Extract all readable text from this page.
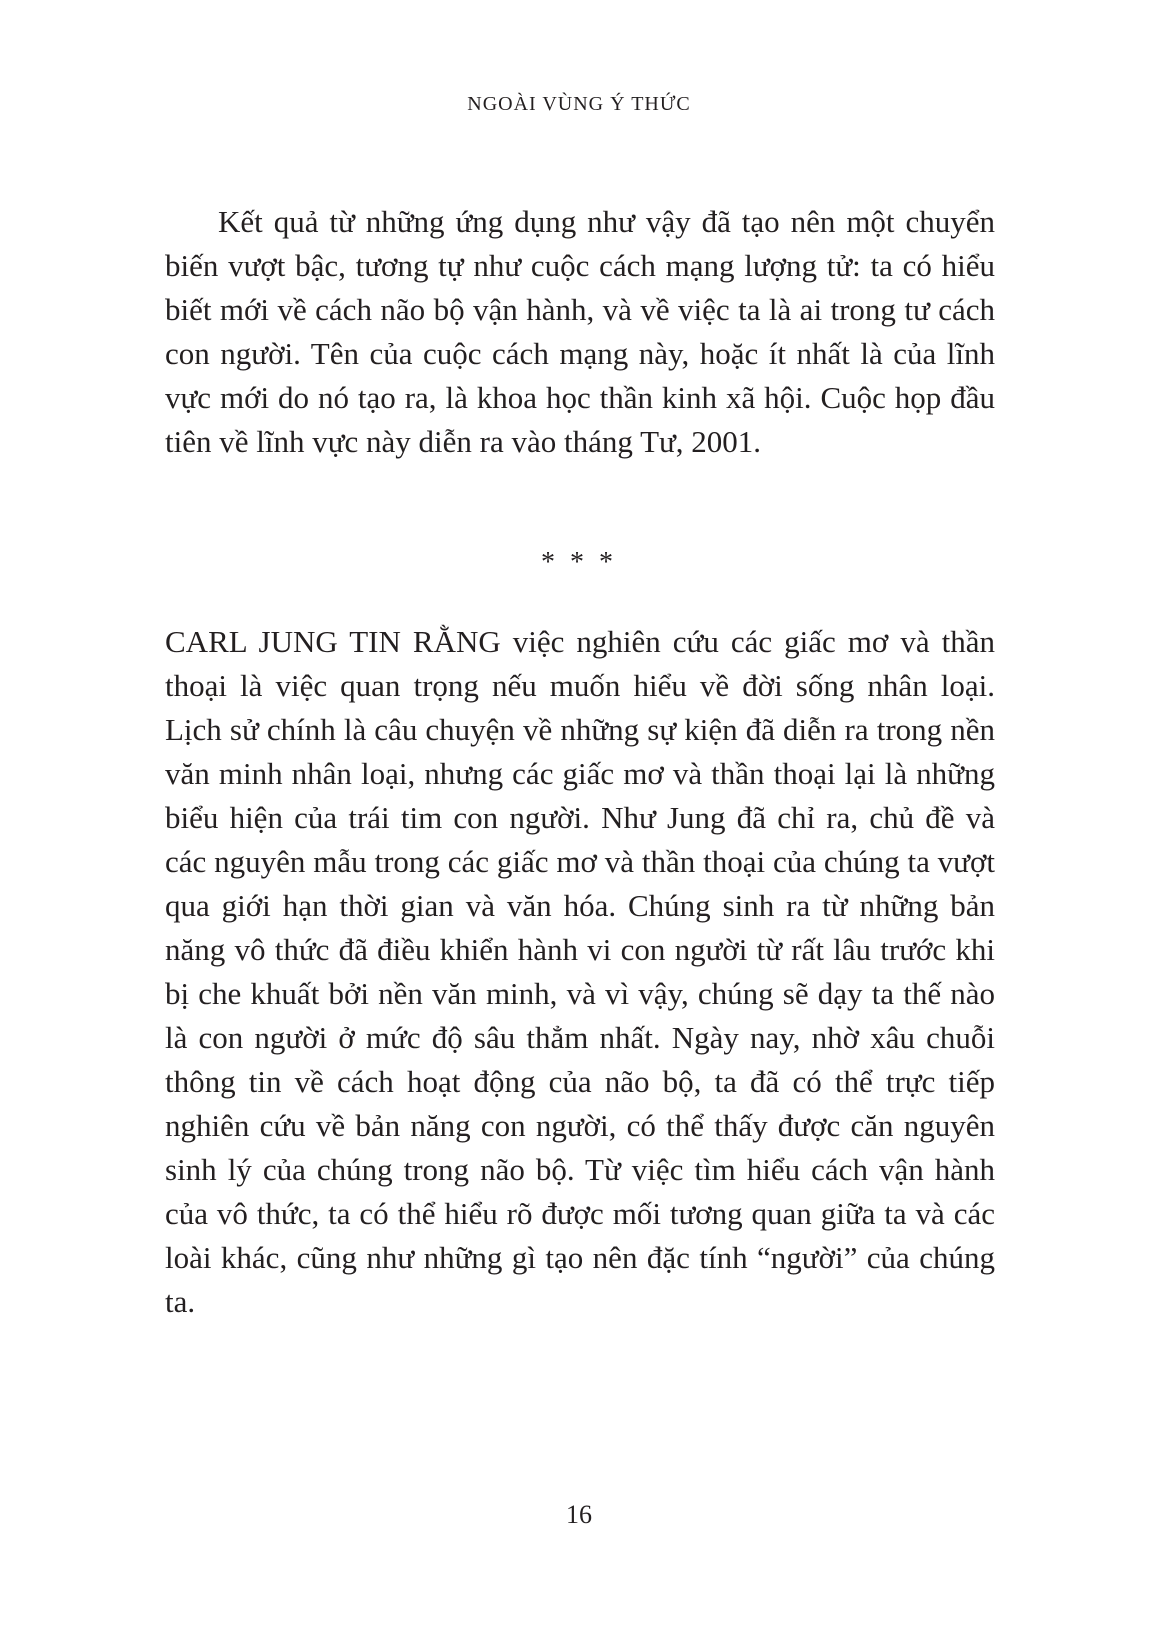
NGOÀI VÙNG Ý THỨC

Kết quả từ những ứng dụng như vậy đã tạo nên một chuyển biến vượt bậc, tương tự như cuộc cách mạng lượng tử: ta có hiểu biết mới về cách não bộ vận hành, và về việc ta là ai trong tư cách con người. Tên của cuộc cách mạng này, hoặc ít nhất là của lĩnh vực mới do nó tạo ra, là khoa học thần kinh xã hội. Cuộc họp đầu tiên về lĩnh vực này diễn ra vào tháng Tư, 2001.

* * *

CARL JUNG TIN RẰNG việc nghiên cứu các giấc mơ và thần thoại là việc quan trọng nếu muốn hiểu về đời sống nhân loại. Lịch sử chính là câu chuyện về những sự kiện đã diễn ra trong nền văn minh nhân loại, nhưng các giấc mơ và thần thoại lại là những biểu hiện của trái tim con người. Như Jung đã chỉ ra, chủ đề và các nguyên mẫu trong các giấc mơ và thần thoại của chúng ta vượt qua giới hạn thời gian và văn hóa. Chúng sinh ra từ những bản năng vô thức đã điều khiển hành vi con người từ rất lâu trước khi bị che khuất bởi nền văn minh, và vì vậy, chúng sẽ dạy ta thế nào là con người ở mức độ sâu thẳm nhất. Ngày nay, nhờ xâu chuỗi thông tin về cách hoạt động của não bộ, ta đã có thể trực tiếp nghiên cứu về bản năng con người, có thể thấy được căn nguyên sinh lý của chúng trong não bộ. Từ việc tìm hiểu cách vận hành của vô thức, ta có thể hiểu rõ được mối tương quan giữa ta và các loài khác, cũng như những gì tạo nên đặc tính “người” của chúng ta.

16
